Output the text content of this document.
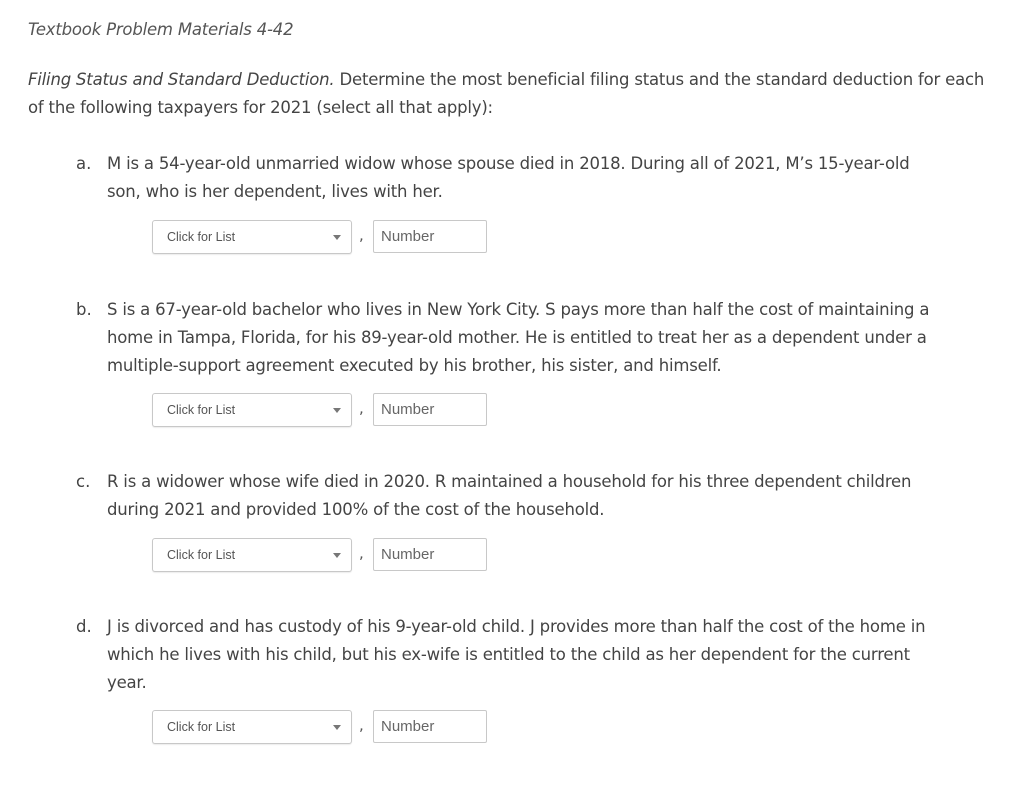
Textbook Problem Materials 4-42
Filing Status and Standard Deduction. Determine the most beneficial filing status and the standard deduction for each of the following taxpayers for 2021 (select all that apply):
a. M is a 54-year-old unmarried widow whose spouse died in 2018. During all of 2021, M’s 15-year-old son, who is her dependent, lives with her.
Click for List	,
Number
b. S is a 67-year-old bachelor who lives in New York City. S pays more than half the cost of maintaining a home in Tampa, Florida, for his 89-year-old mother. He is entitled to treat her as a dependent under a multiple-support agreement executed by his brother, his sister, and himself.
Click for List	,
Number
c. R is a widower whose wife died in 2020. R maintained a household for his three dependent children during 2021 and provided 100% of the cost of the household.
Click for List	,
Number
d. J is divorced and has custody of his 9-year-old child. J provides more than half the cost of the home in which he lives with his child, but his ex-wife is entitled to the child as her dependent for the current year.
Click for List	,
Number
